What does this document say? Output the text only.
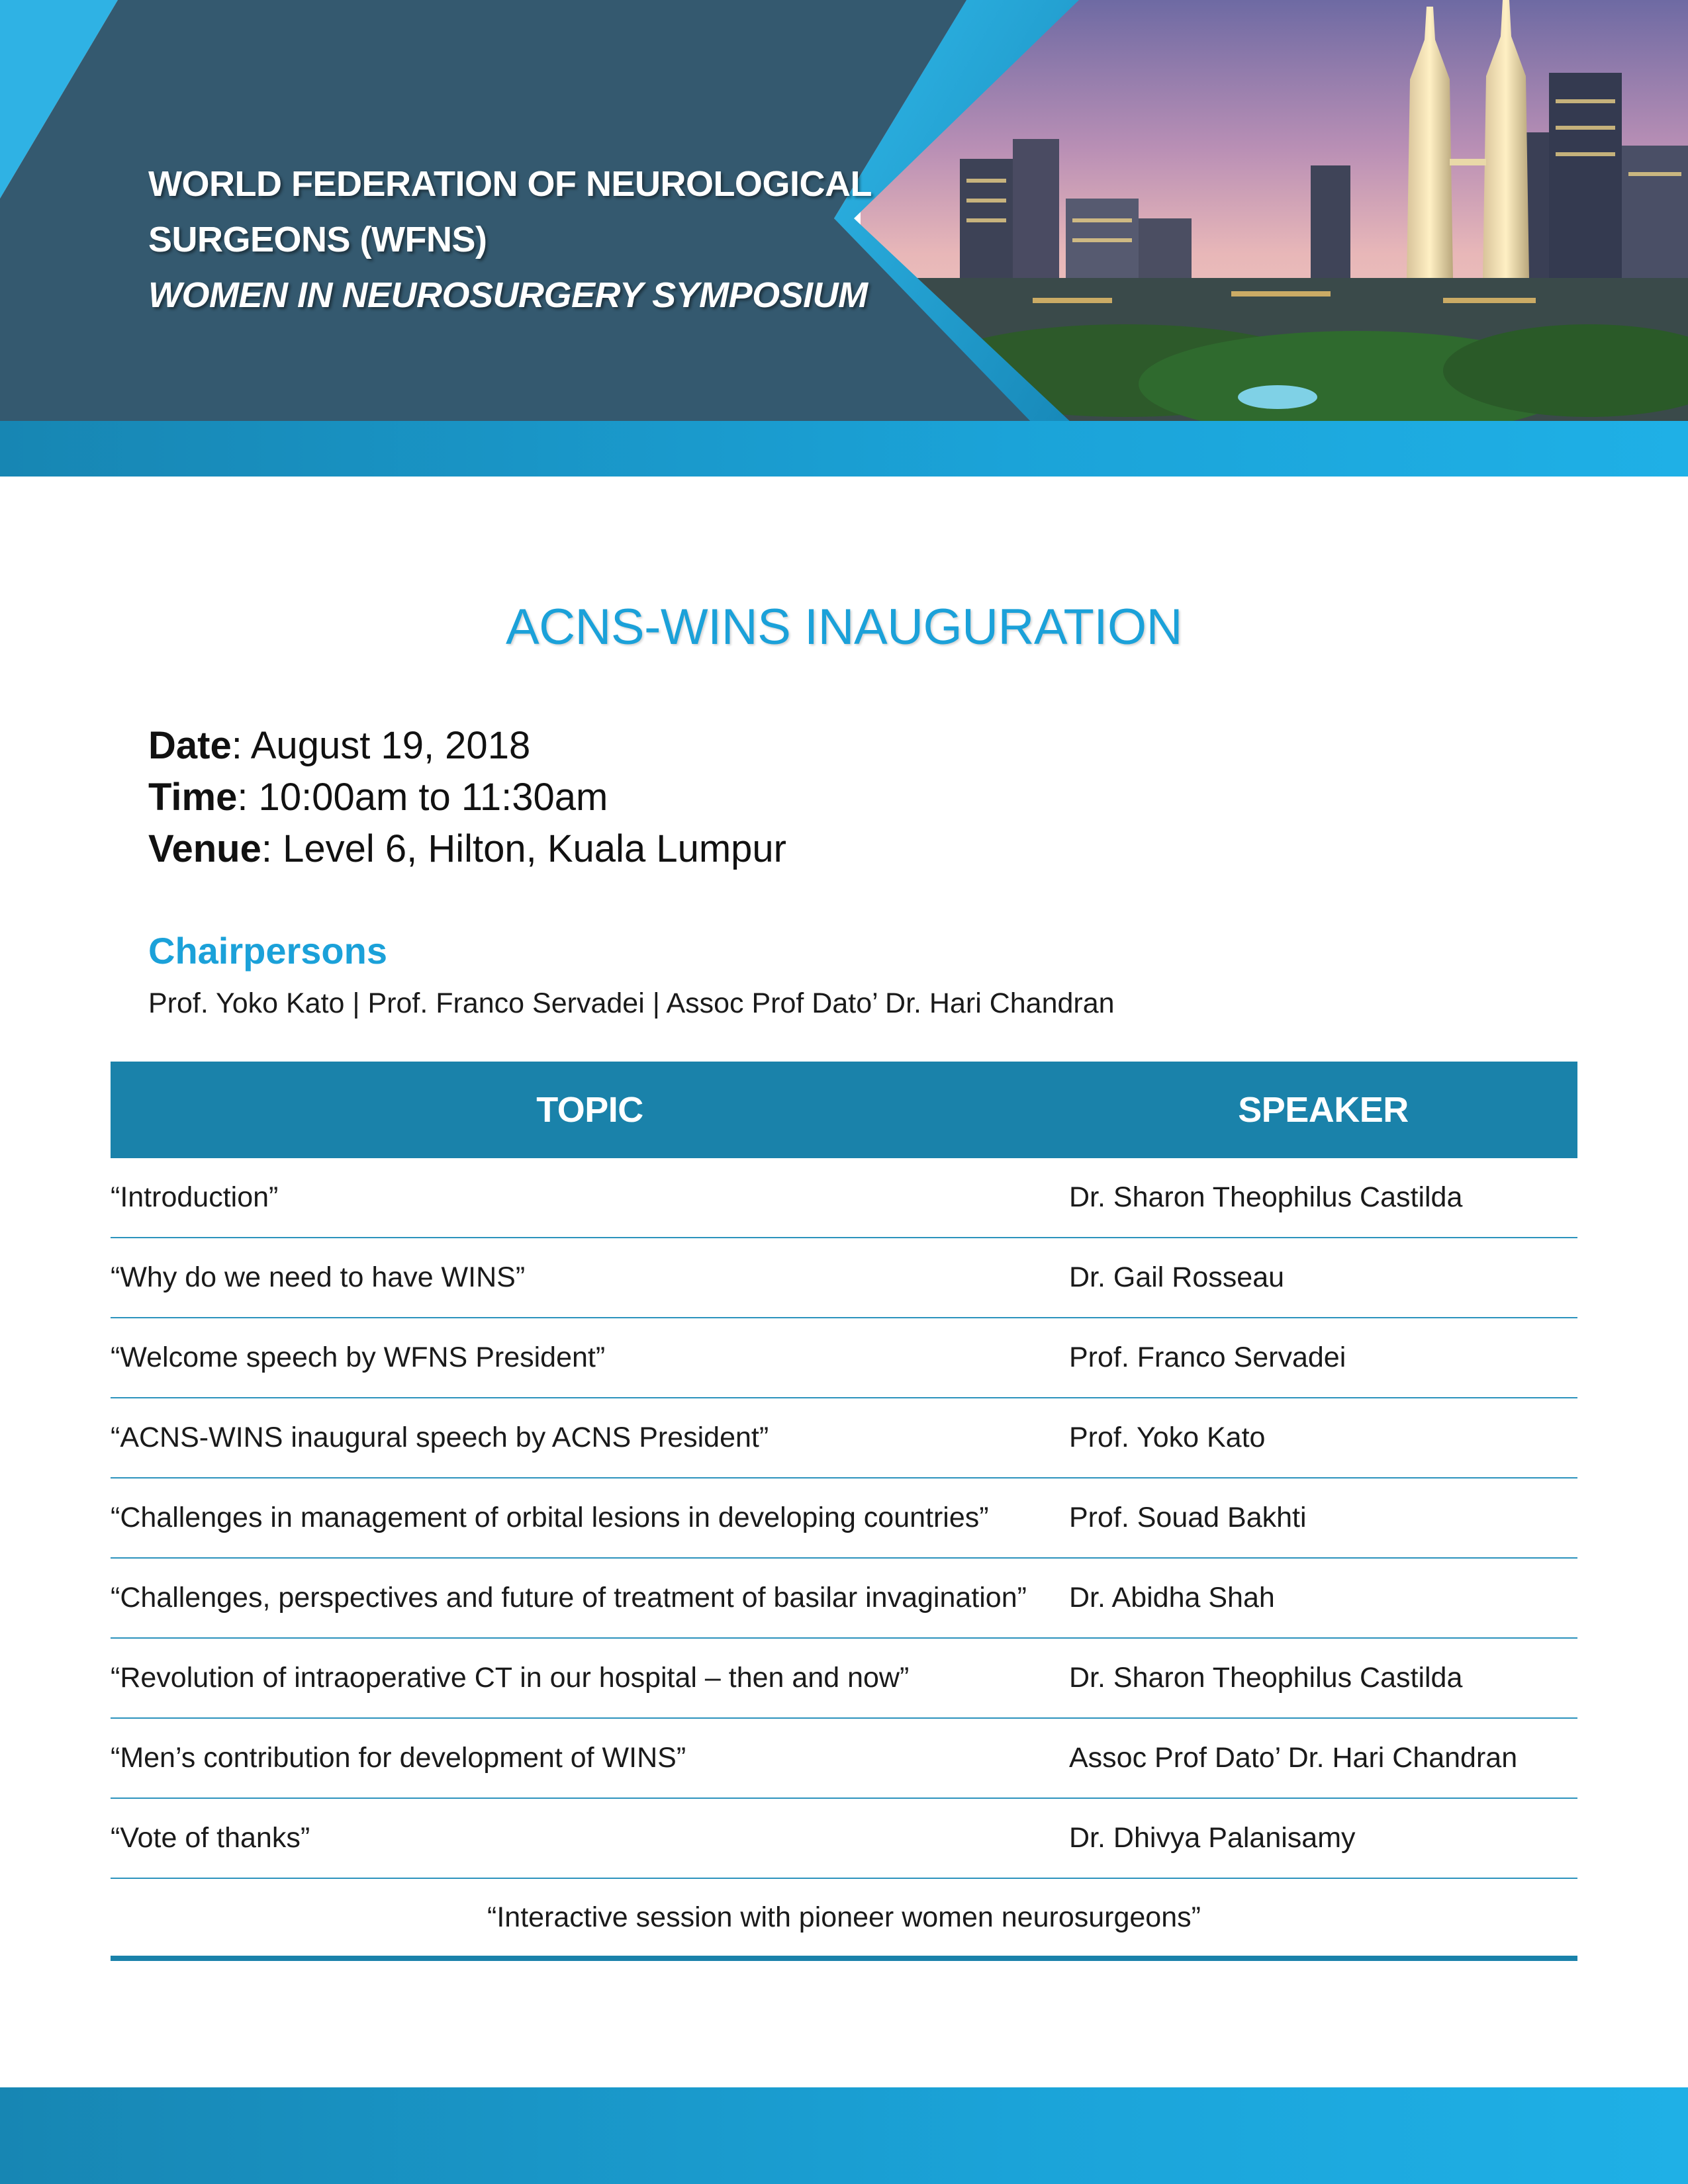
WORLD FEDERATION OF NEUROLOGICAL
SURGEONS (WFNS)
WOMEN IN NEUROSURGERY SYMPOSIUM
ACNS-WINS INAUGURATION
Date: August 19, 2018
Time: 10:00am to 11:30am
Venue: Level 6, Hilton, Kuala Lumpur
Chairpersons
Prof. Yoko Kato | Prof. Franco Servadei | Assoc Prof Dato’ Dr. Hari Chandran
TOPIC	SPEAKER
“Introduction”	Dr. Sharon Theophilus Castilda
“Why do we need to have WINS”	Dr. Gail Rosseau
“Welcome speech by WFNS President”	Prof. Franco Servadei
“ACNS-WINS inaugural speech by ACNS President”	Prof. Yoko Kato
“Challenges in management of orbital lesions in developing countries”	Prof. Souad Bakhti
“Challenges, perspectives and future of treatment of basilar invagination”	Dr. Abidha Shah
“Revolution of intraoperative CT in our hospital – then and now”	Dr. Sharon Theophilus Castilda
“Men’s contribution for development of WINS”	Assoc Prof Dato’ Dr. Hari Chandran
“Vote of thanks”	Dr. Dhivya Palanisamy
“Interactive session with pioneer women neurosurgeons”
